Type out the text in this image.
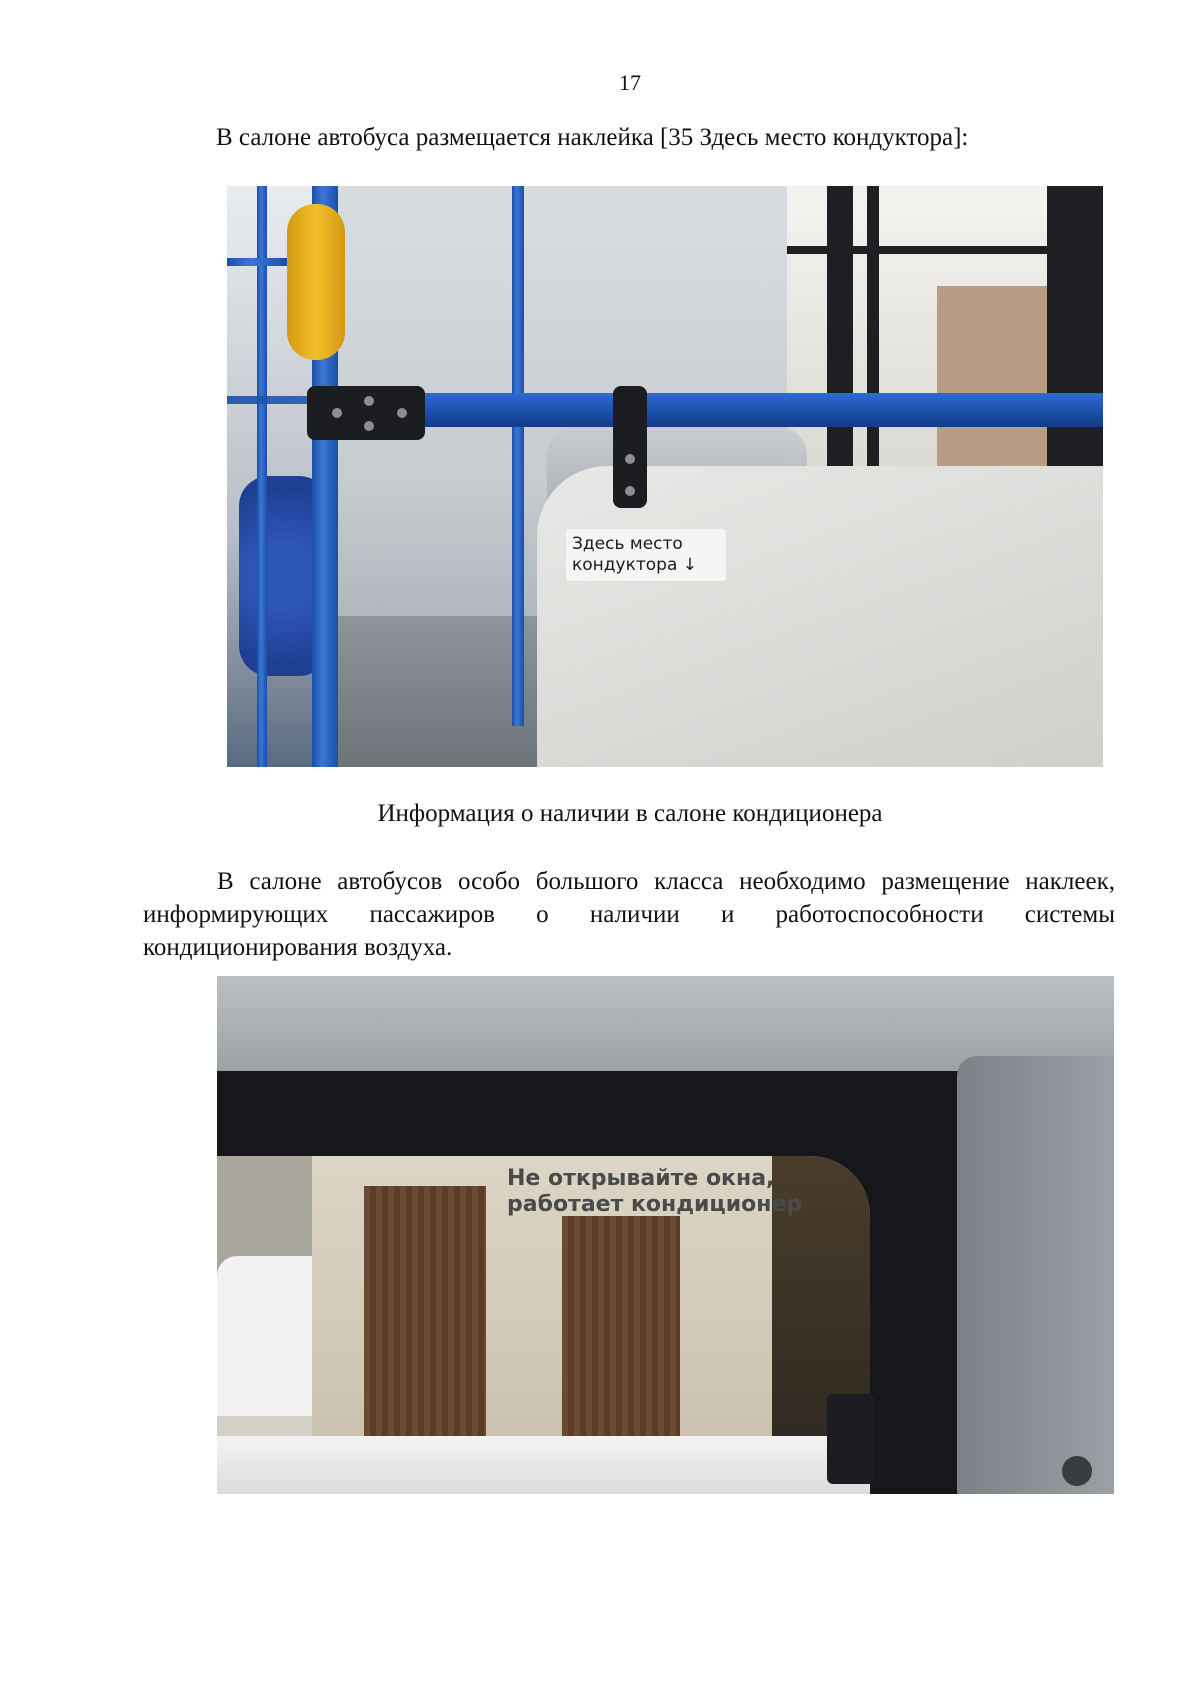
17
В салоне автобуса размещается наклейка [35 Здесь место кондуктора]:
Здесь место
кондуктора ↓
Информация о наличии в салоне кондиционера
В салоне автобусов особо большого класса необходимо размещение наклеек, информирующих пассажиров о наличии и работоспособности системы кондиционирования воздуха.
Не открывайте окна,
работает кондиционер
